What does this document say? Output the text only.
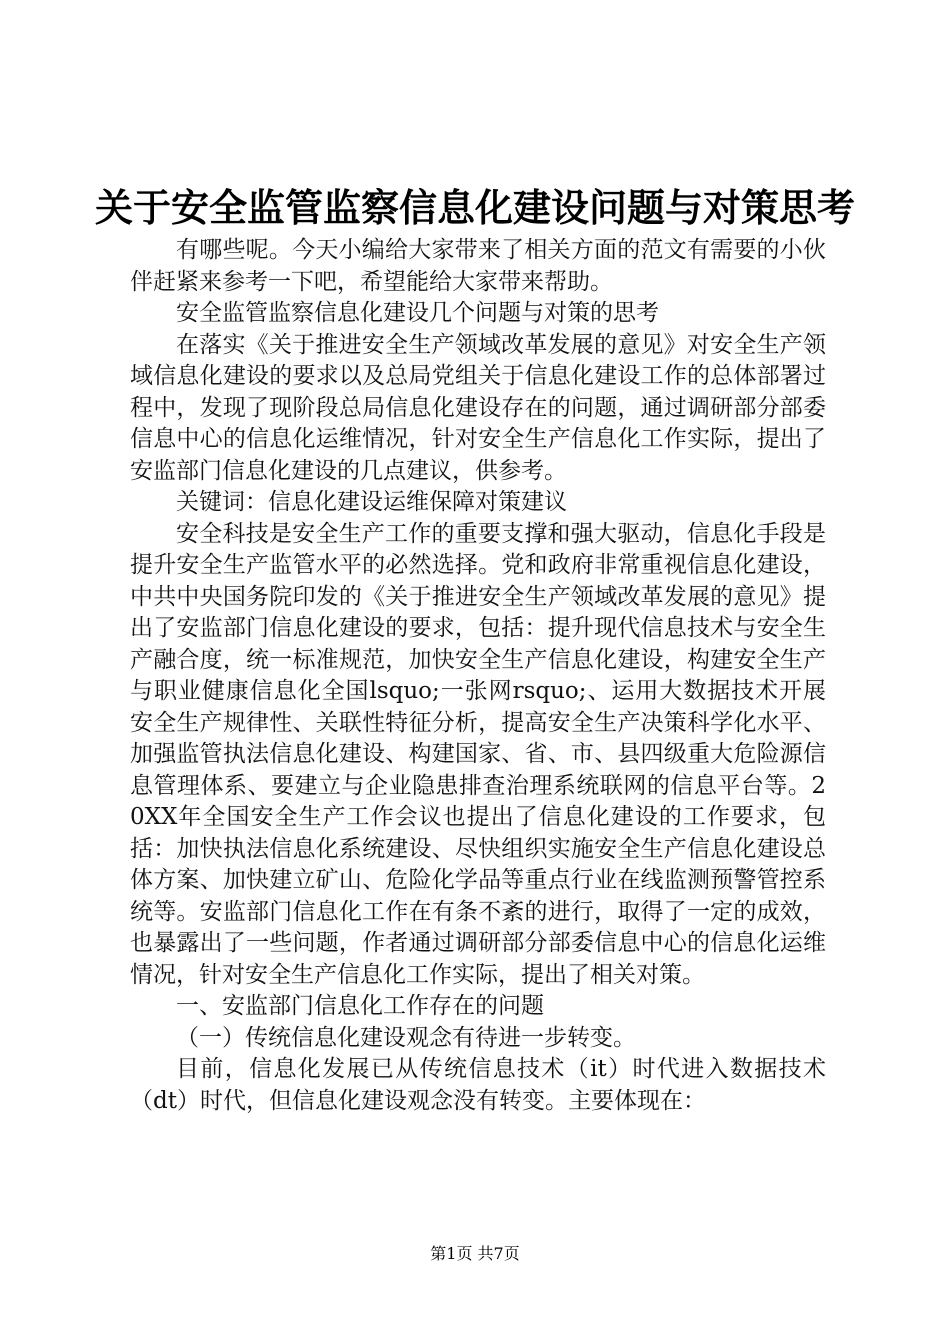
关于安全监管监察信息化建设问题与对策思考

有哪些呢。今天小编给大家带来了相关方面的范文有需要的小伙伴赶紧来参考一下吧，希望能给大家带来帮助。

安全监管监察信息化建设几个问题与对策的思考

在落实《关于推进安全生产领域改革发展的意见》对安全生产领域信息化建设的要求以及总局党组关于信息化建设工作的总体部署过程中，发现了现阶段总局信息化建设存在的问题，通过调研部分部委信息中心的信息化运维情况，针对安全生产信息化工作实际，提出了安监部门信息化建设的几点建议，供参考。

关键词：信息化建设运维保障对策建议

安全科技是安全生产工作的重要支撑和强大驱动，信息化手段是提升安全生产监管水平的必然选择。党和政府非常重视信息化建设，中共中央国务院印发的《关于推进安全生产领域改革发展的意见》提出了安监部门信息化建设的要求，包括：提升现代信息技术与安全生产融合度，统一标准规范，加快安全生产信息化建设，构建安全生产与职业健康信息化全国lsquo;一张网rsquo;、运用大数据技术开展安全生产规律性、关联性特征分析，提高安全生产决策科学化水平、加强监管执法信息化建设、构建国家、省、市、县四级重大危险源信息管理体系、要建立与企业隐患排查治理系统联网的信息平台等。20XX年全国安全生产工作会议也提出了信息化建设的工作要求，包括：加快执法信息化系统建设、尽快组织实施安全生产信息化建设总体方案、加快建立矿山、危险化学品等重点行业在线监测预警管控系统等。安监部门信息化工作在有条不紊的进行，取得了一定的成效，也暴露出了一些问题，作者通过调研部分部委信息中心的信息化运维情况，针对安全生产信息化工作实际，提出了相关对策。

一、安监部门信息化工作存在的问题

（一）传统信息化建设观念有待进一步转变。

目前，信息化发展已从传统信息技术（it）时代进入数据技术（dt）时代，但信息化建设观念没有转变。主要体现在：

第1页 共7页
